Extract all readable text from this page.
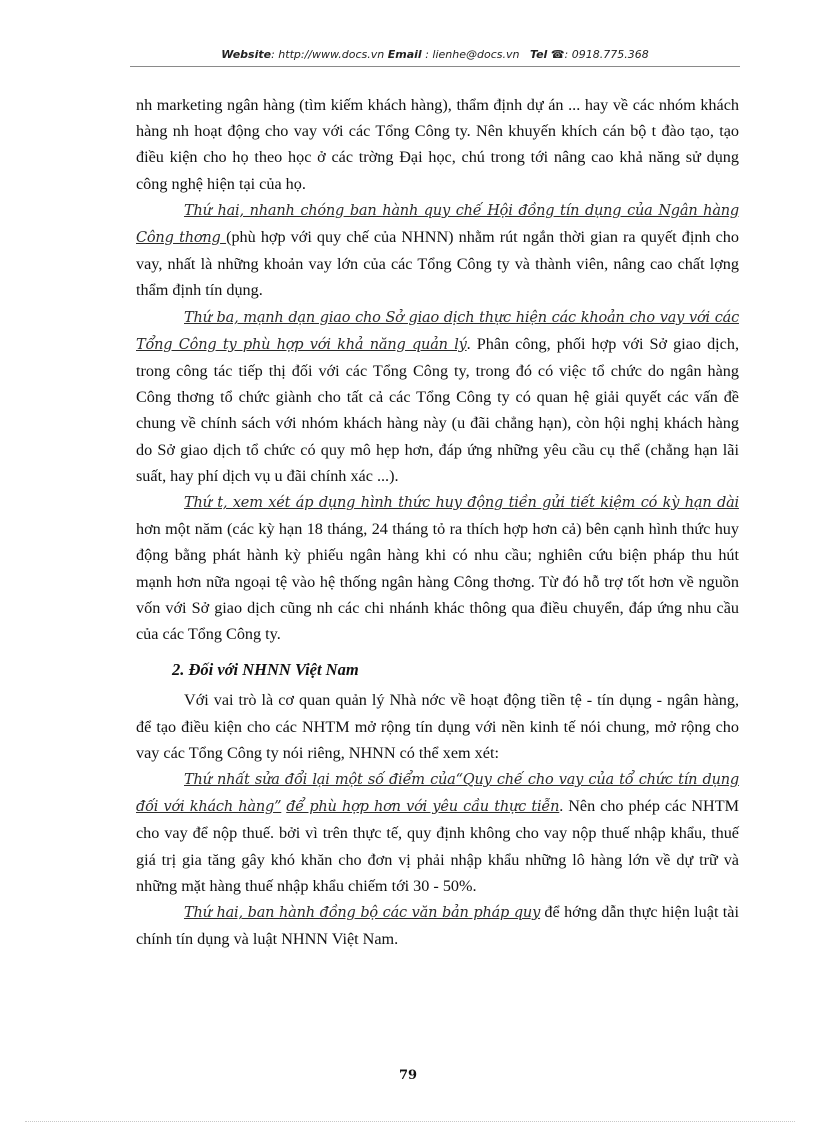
Website: http://www.docs.vn Email : lienhe@docs.vn Tel ☎: 0918.775.368

nh marketing ngân hàng (tìm kiếm khách hàng), thẩm định dự án ... hay về các nhóm khách hàng nh hoạt động cho vay với các Tổng Công ty. Nên khuyến khích cán bộ t đào tạo, tạo điều kiện cho họ theo học ở các trờng Đại học, chú trong tới nâng cao khả năng sử dụng công nghệ hiện tại của họ.

Thứ hai, nhanh chóng ban hành quy chế Hội đồng tín dụng của Ngân hàng Công thơng (phù hợp với quy chế của NHNN) nhằm rút ngắn thời gian ra quyết định cho vay, nhất là những khoản vay lớn của các Tổng Công ty và thành viên, nâng cao chất lợng thẩm định tín dụng.

Thứ ba, mạnh dạn giao cho Sở giao dịch thực hiện các khoản cho vay với các Tổng Công ty phù hợp với khả năng quản lý. Phân công, phối hợp với Sở giao dịch, trong công tác tiếp thị đối với các Tổng Công ty, trong đó có việc tổ chức do ngân hàng Công thơng tổ chức giành cho tất cả các Tổng Công ty có quan hệ giải quyết các vấn đề chung về chính sách với nhóm khách hàng này (u đãi chẳng hạn), còn hội nghị khách hàng do Sở giao dịch tổ chức có quy mô hẹp hơn, đáp ứng những yêu cầu cụ thể (chẳng hạn lãi suất, hay phí dịch vụ u đãi chính xác ...).

Thứ t, xem xét áp dụng hình thức huy động tiền gửi tiết kiệm có kỳ hạn dài hơn một năm (các kỳ hạn 18 tháng, 24 tháng tỏ ra thích hợp hơn cả) bên cạnh hình thức huy động bằng phát hành kỳ phiếu ngân hàng khi có nhu cầu; nghiên cứu biện pháp thu hút mạnh hơn nữa ngoại tệ vào hệ thống ngân hàng Công thơng. Từ đó hỗ trợ tốt hơn về nguồn vốn với Sở giao dịch cũng nh các chi nhánh khác thông qua điều chuyển, đáp ứng nhu cầu của các Tổng Công ty.

2. Đối với NHNN Việt Nam

Với vai trò là cơ quan quản lý Nhà nớc về hoạt động tiền tệ - tín dụng - ngân hàng, để tạo điều kiện cho các NHTM mở rộng tín dụng với nền kinh tế nói chung, mở rộng cho vay các Tổng Công ty nói riêng, NHNN có thể xem xét:

Thứ nhất sửa đổi lại một số điểm của“Quy chế cho vay của tổ chức tín dụng đối với khách hàng” để phù hợp hơn với yêu cầu thực tiễn. Nên cho phép các NHTM cho vay để nộp thuế. bởi vì trên thực tế, quy định không cho vay nộp thuế nhập khẩu, thuế giá trị gia tăng gây khó khăn cho đơn vị phải nhập khẩu những lô hàng lớn về dự trữ và những mặt hàng thuế nhập khẩu chiếm tới 30 - 50%.

Thứ hai, ban hành đồng bộ các văn bản pháp quy để hớng dẫn thực hiện luật tài chính tín dụng và luật NHNN Việt Nam.

79
